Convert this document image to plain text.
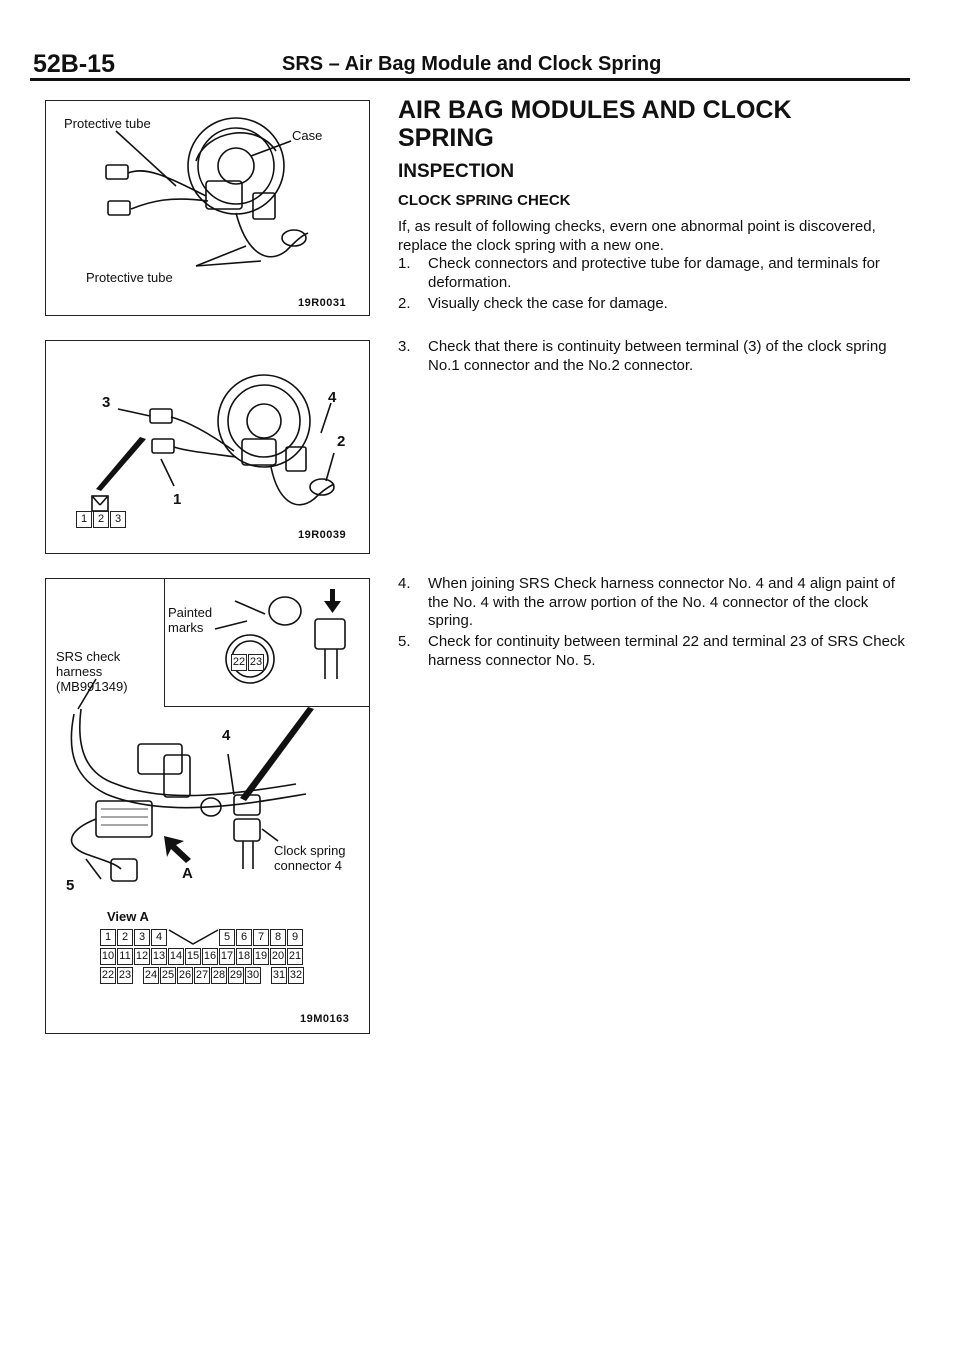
52B-15	SRS – Air Bag Module and Clock Spring
Protective tube
Case
Protective tube
19R0031
3	4
2
1
1 2 3
19R0039
22 23
Painted
marks
SRS check
harness
(MB991349)
4
5
A
Clock spring
connector 4
View A
1 2 3 4	5 6 7 8 9
10 11 12 13 14 15 16 17 18 19 20 21
22 23 24 25 26 27 28 29 30 31 32
19M0163
AIR BAG MODULES AND CLOCK SPRING
INSPECTION
CLOCK SPRING CHECK
If, as result of following checks, evern one abnormal point is discovered, replace the clock spring with a new one.
1. Check connectors and protective tube for damage, and terminals for deformation.
2. Visually check the case for damage.
3. Check that there is continuity between terminal (3) of the clock spring No.1 connector and the No.2 connector.
4. When joining SRS Check harness connector No. 4 and 4 align paint of the No. 4 with the arrow portion of the No. 4 connector of the clock spring.
5. Check for continuity between terminal 22 and terminal 23 of SRS Check harness connector No. 5.
